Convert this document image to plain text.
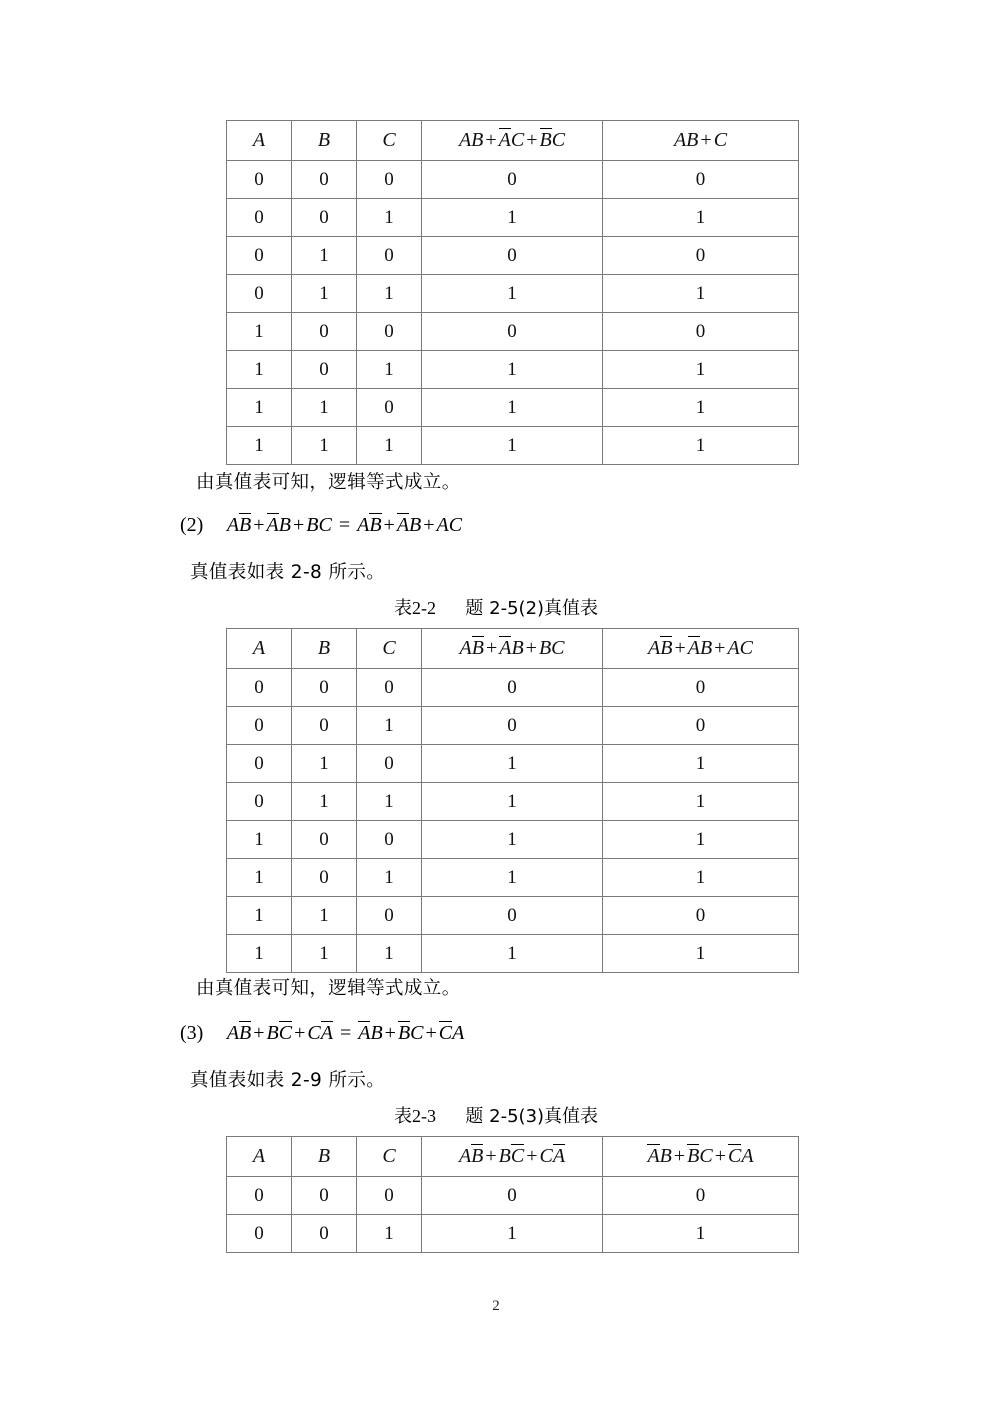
A	B	C	AB + AC + BC	AB + C
0	0	0	0	0
0	0	1	1	1
0	1	0	0	0
0	1	1	1	1
1	0	0	0	0
1	0	1	1	1
1	1	0	1	1
1	1	1	1	1
由真值表可知，逻辑等式成立。
(2) AB + AB + BC = AB + AB + AC
真值表如表 2-8 所示。
表2-2 题 2-5(2)真值表
A	B	C	AB + AB + BC	AB + AB + AC
0	0	0	0	0
0	0	1	0	0
0	1	0	1	1
0	1	1	1	1
1	0	0	1	1
1	0	1	1	1
1	1	0	0	0
1	1	1	1	1
由真值表可知，逻辑等式成立。
(3) AB + BC + CA = AB + BC + CA
真值表如表 2-9 所示。
表2-3 题 2-5(3)真值表
A	B	C	AB + BC + CA	AB + BC + CA
0	0	0	0	0
0	0	1	1	1
2
